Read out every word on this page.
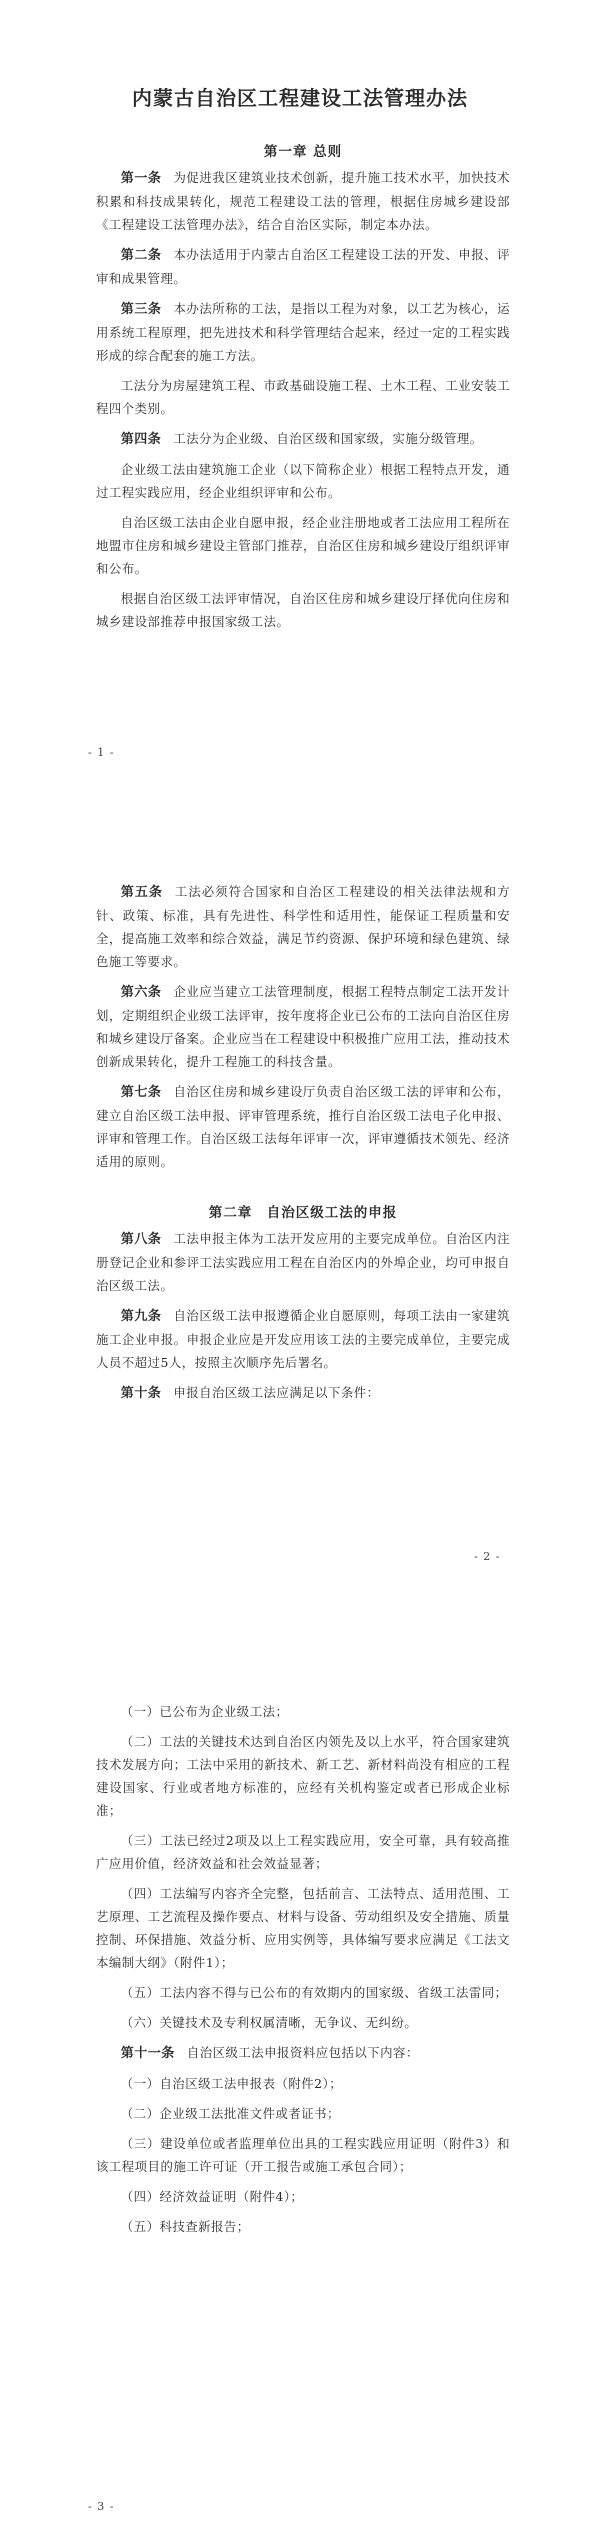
内蒙古自治区工程建设工法管理办法
第一章 总则

第一条 为促进我区建筑业技术创新，提升施工技术水平，加快技术积累和科技成果转化，规范工程建设工法的管理，根据住房城乡建设部《工程建设工法管理办法》，结合自治区实际，制定本办法。

第二条 本办法适用于内蒙古自治区工程建设工法的开发、申报、评审和成果管理。

第三条 本办法所称的工法，是指以工程为对象，以工艺为核心，运用系统工程原理，把先进技术和科学管理结合起来，经过一定的工程实践形成的综合配套的施工方法。

工法分为房屋建筑工程、市政基础设施工程、土木工程、工业安装工程四个类别。

第四条 工法分为企业级、自治区级和国家级，实施分级管理。

企业级工法由建筑施工企业（以下简称企业）根据工程特点开发，通过工程实践应用，经企业组织评审和公布。

自治区级工法由企业自愿申报，经企业注册地或者工法应用工程所在地盟市住房和城乡建设主管部门推荐，自治区住房和城乡建设厅组织评审和公布。

根据自治区级工法评审情况，自治区住房和城乡建设厅择优向住房和城乡建设部推荐申报国家级工法。

- 1 -

第五条 工法必须符合国家和自治区工程建设的相关法律法规和方针、政策、标准，具有先进性、科学性和适用性，能保证工程质量和安全，提高施工效率和综合效益，满足节约资源、保护环境和绿色建筑、绿色施工等要求。

第六条 企业应当建立工法管理制度，根据工程特点制定工法开发计划，定期组织企业级工法评审，按年度将企业已公布的工法向自治区住房和城乡建设厅备案。企业应当在工程建设中积极推广应用工法，推动技术创新成果转化，提升工程施工的科技含量。

第七条 自治区住房和城乡建设厅负责自治区级工法的评审和公布，建立自治区级工法申报、评审管理系统，推行自治区级工法电子化申报、评审和管理工作。自治区级工法每年评审一次，评审遵循技术领先、经济适用的原则。

第二章　自治区级工法的申报

第八条 工法申报主体为工法开发应用的主要完成单位。自治区内注册登记企业和参评工法实践应用工程在自治区内的外埠企业，均可申报自治区级工法。

第九条 自治区级工法申报遵循企业自愿原则，每项工法由一家建筑施工企业申报。申报企业应是开发应用该工法的主要完成单位，主要完成人员不超过5人，按照主次顺序先后署名。

第十条 申报自治区级工法应满足以下条件：

- 2 -

（一）已公布为企业级工法；

（二）工法的关键技术达到自治区内领先及以上水平，符合国家建筑技术发展方向；工法中采用的新技术、新工艺、新材料尚没有相应的工程建设国家、行业或者地方标准的，应经有关机构鉴定或者已形成企业标准；

（三）工法已经过2项及以上工程实践应用，安全可靠，具有较高推广应用价值，经济效益和社会效益显著；

（四）工法编写内容齐全完整，包括前言、工法特点、适用范围、工艺原理、工艺流程及操作要点、材料与设备、劳动组织及安全措施、质量控制、环保措施、效益分析、应用实例等，具体编写要求应满足《工法文本编制大纲》（附件1）；

（五）工法内容不得与已公布的有效期内的国家级、省级工法雷同；

（六）关键技术及专利权属清晰，无争议、无纠纷。

第十一条 自治区级工法申报资料应包括以下内容：

（一）自治区级工法申报表（附件2）；

（二）企业级工法批准文件或者证书；

（三）建设单位或者监理单位出具的工程实践应用证明（附件3）和该工程项目的施工许可证（开工报告或施工承包合同）；

（四）经济效益证明（附件4）；

（五）科技查新报告；

- 3 -
